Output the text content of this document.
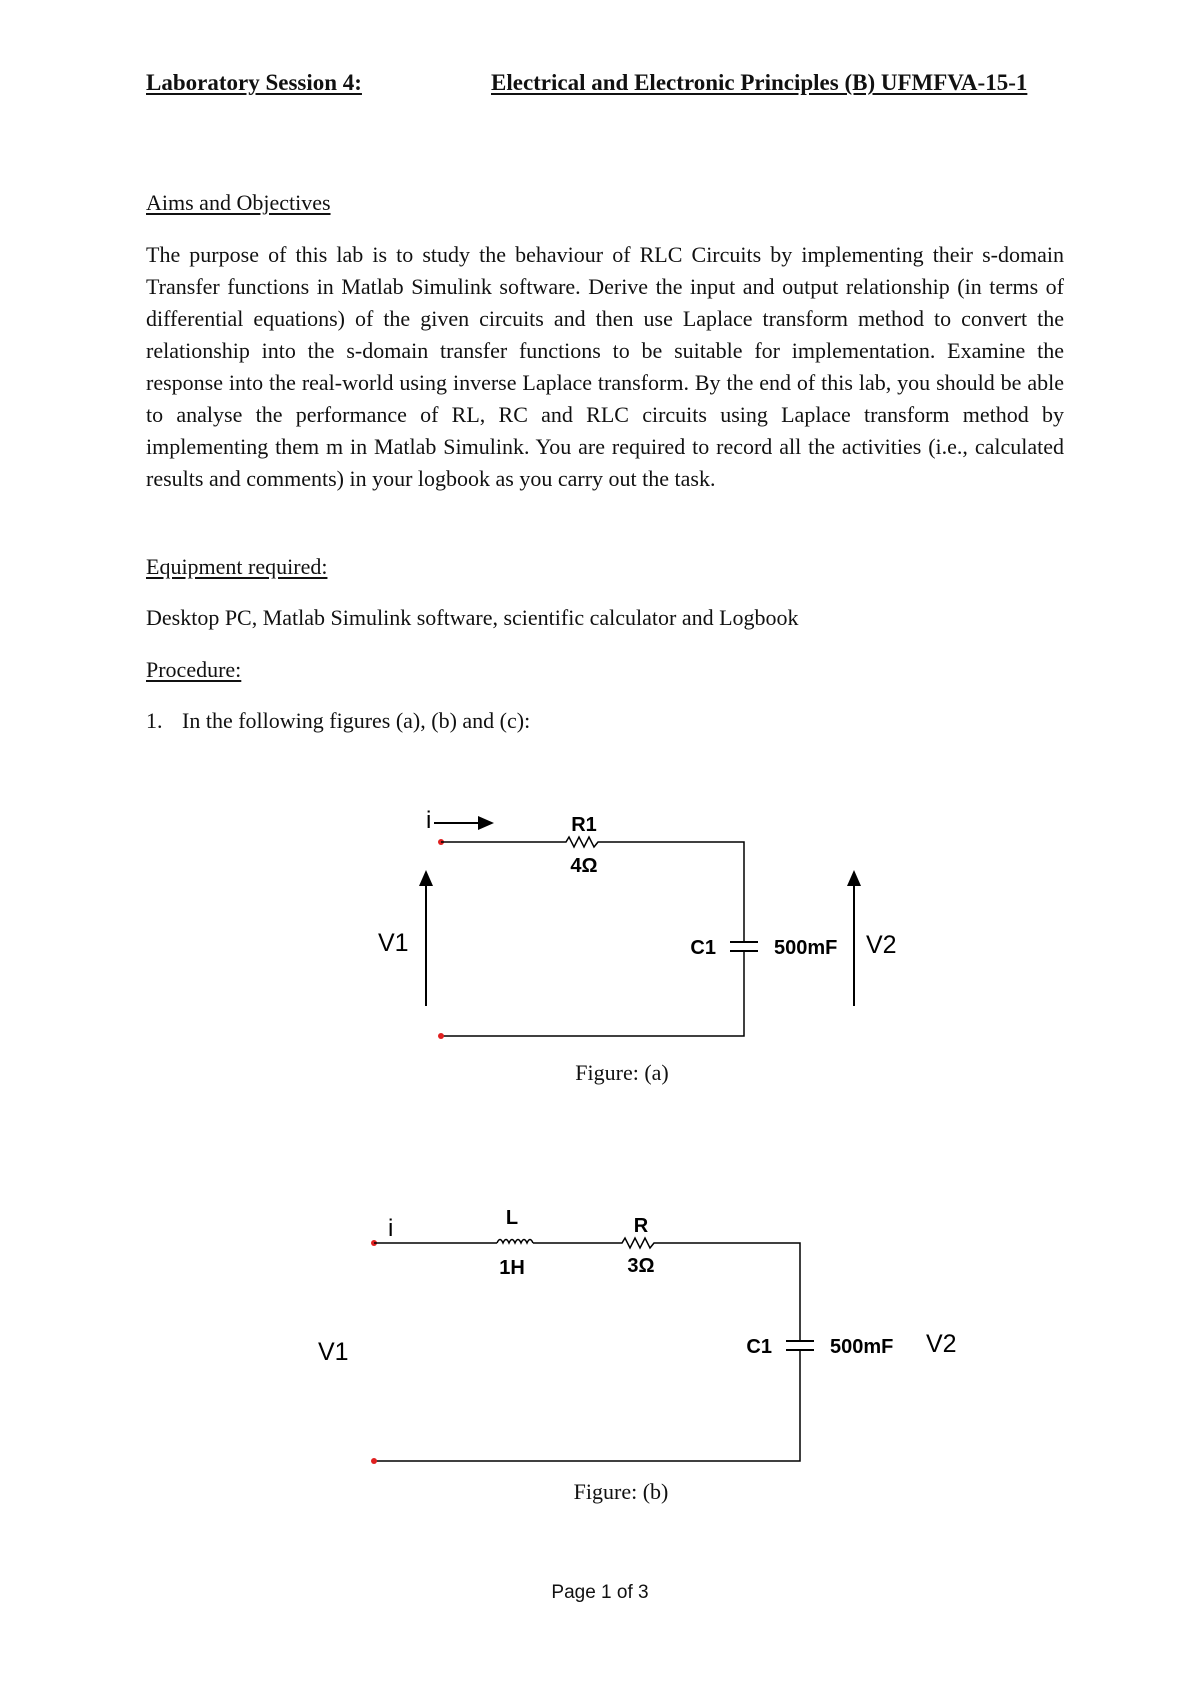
Laboratory Session 4:	Electrical and Electronic Principles (B) UFMFVA-15-1
Aims and Objectives
The purpose of this lab is to study the behaviour of RLC Circuits by implementing their s-domain Transfer functions in Matlab Simulink software. Derive the input and output relationship (in terms of differential equations) of the given circuits and then use Laplace transform method to convert the relationship into the s-domain transfer functions to be suitable for implementation. Examine the response into the real-world using inverse Laplace transform. By the end of this lab, you should be able to analyse the performance of RL, RC and RLC circuits using Laplace transform method by implementing them m in Matlab Simulink. You are required to record all the activities (i.e., calculated results and comments) in your logbook as you carry out the task.
Equipment required:
Desktop PC, Matlab Simulink software, scientific calculator and Logbook
Procedure:
1. In the following figures (a), (b) and (c):
i	R1
4Ω
C1	500mF
V1	V2
Figure: (a)
i	L
1H
R
3Ω
C1	500mF
V1	V2
Figure: (b)
Page 1 of 3
